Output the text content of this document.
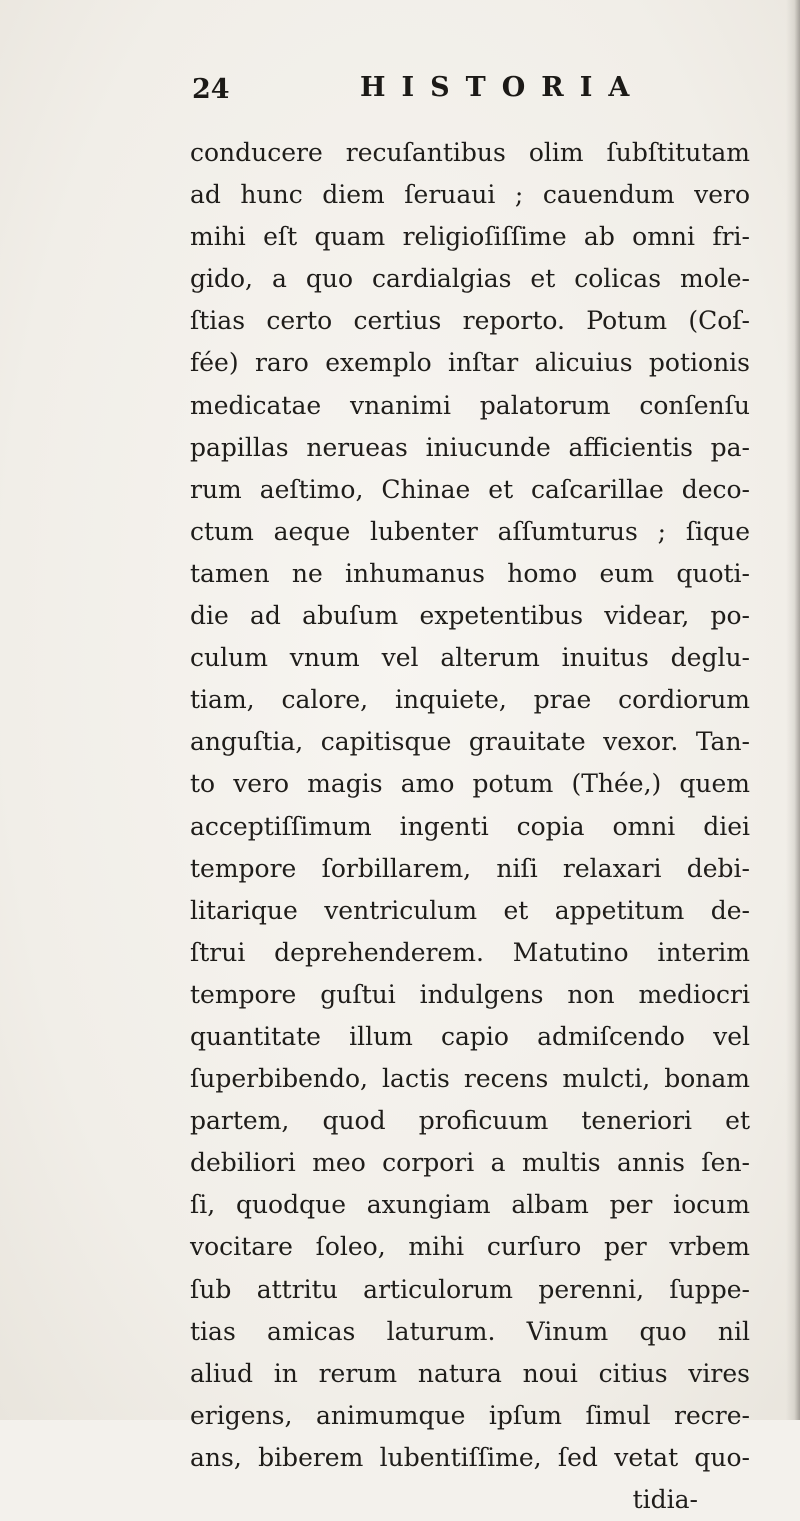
24	HISTORIA
conducere recuſantibus olim ſubſtitutam
ad hunc diem ſeruaui ; cauendum vero
mihi eſt quam religioſiſſime ab omni fri-
gido, a quo cardialgias et colicas mole-
ſtias certo certius reporto. Potum (Coſ-
fée) raro exemplo inſtar alicuius potionis
medicatae vnanimi palatorum conſenſu
papillas nerueas iniucunde afficientis pa-
rum aeſtimo, Chinae et caſcarillae deco-
ctum aeque lubenter aſſumturus ; ſique
tamen ne inhumanus homo eum quoti-
die ad abuſum expetentibus videar, po-
culum vnum vel alterum inuitus deglu-
tiam, calore, inquiete, prae cordiorum
anguſtia, capitisque grauitate vexor. Tan-
to vero magis amo potum (Thée,) quem
acceptiſſimum ingenti copia omni diei
tempore ſorbillarem, niſi relaxari debi-
litarique ventriculum et appetitum de-
ſtrui deprehenderem. Matutino interim
tempore guſtui indulgens non mediocri
quantitate illum capio admiſcendo vel
ſuperbibendo, lactis recens mulcti, bonam
partem, quod proficuum teneriori et
debiliori meo corpori a multis annis ſen-
ſi, quodque axungiam albam per iocum
vocitare ſoleo, mihi curſuro per vrbem
ſub attritu articulorum perenni, ſuppe-
tias amicas laturum. Vinum quo nil
aliud in rerum natura noui citius vires
erigens, animumque ipſum ſimul recre-
ans, biberem lubentiſſime, ſed vetat quo-
tidia-
